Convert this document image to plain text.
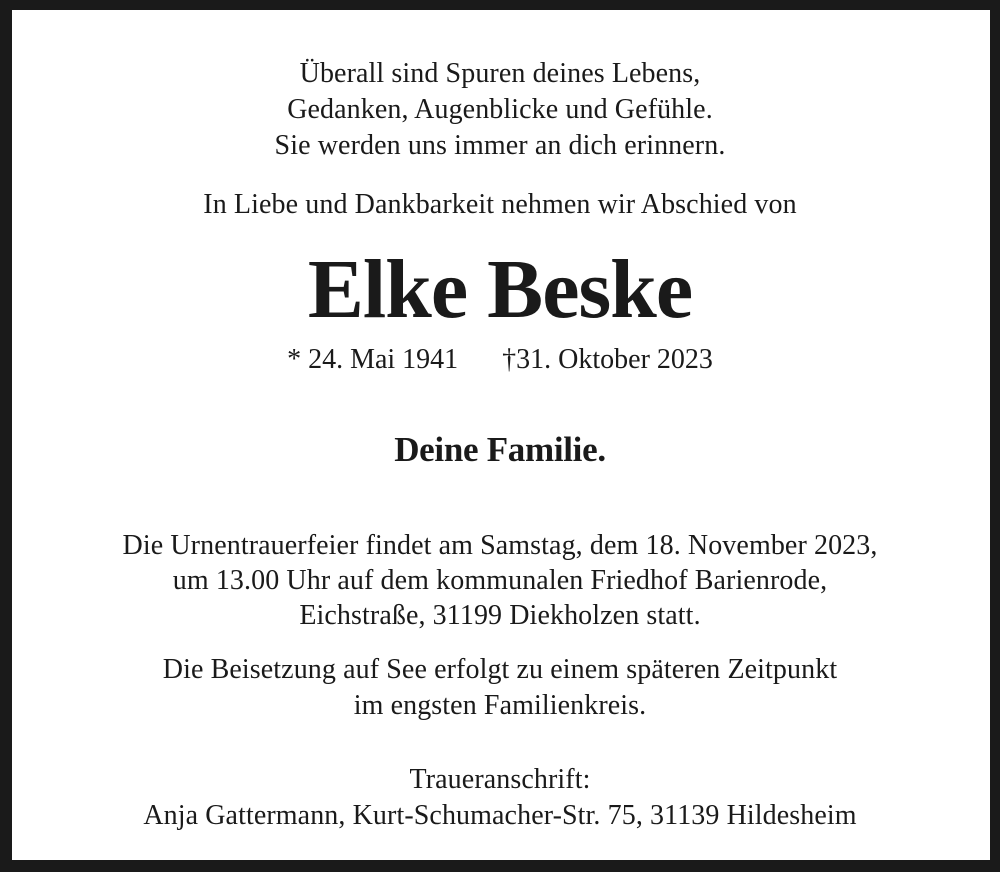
Überall sind Spuren deines Lebens,
Gedanken, Augenblicke und Gefühle.
Sie werden uns immer an dich erinnern.
In Liebe und Dankbarkeit nehmen wir Abschied von
Elke Beske
* 24. Mai 1941 †31. Oktober 2023
Deine Familie.
Die Urnentrauerfeier findet am Samstag, dem 18. November 2023,
um 13.00 Uhr auf dem kommunalen Friedhof Barienrode,
Eichstraße, 31199 Diekholzen statt.
Die Beisetzung auf See erfolgt zu einem späteren Zeitpunkt
im engsten Familienkreis.
Traueranschrift:
Anja Gattermann, Kurt-Schumacher-Str. 75, 31139 Hildesheim
